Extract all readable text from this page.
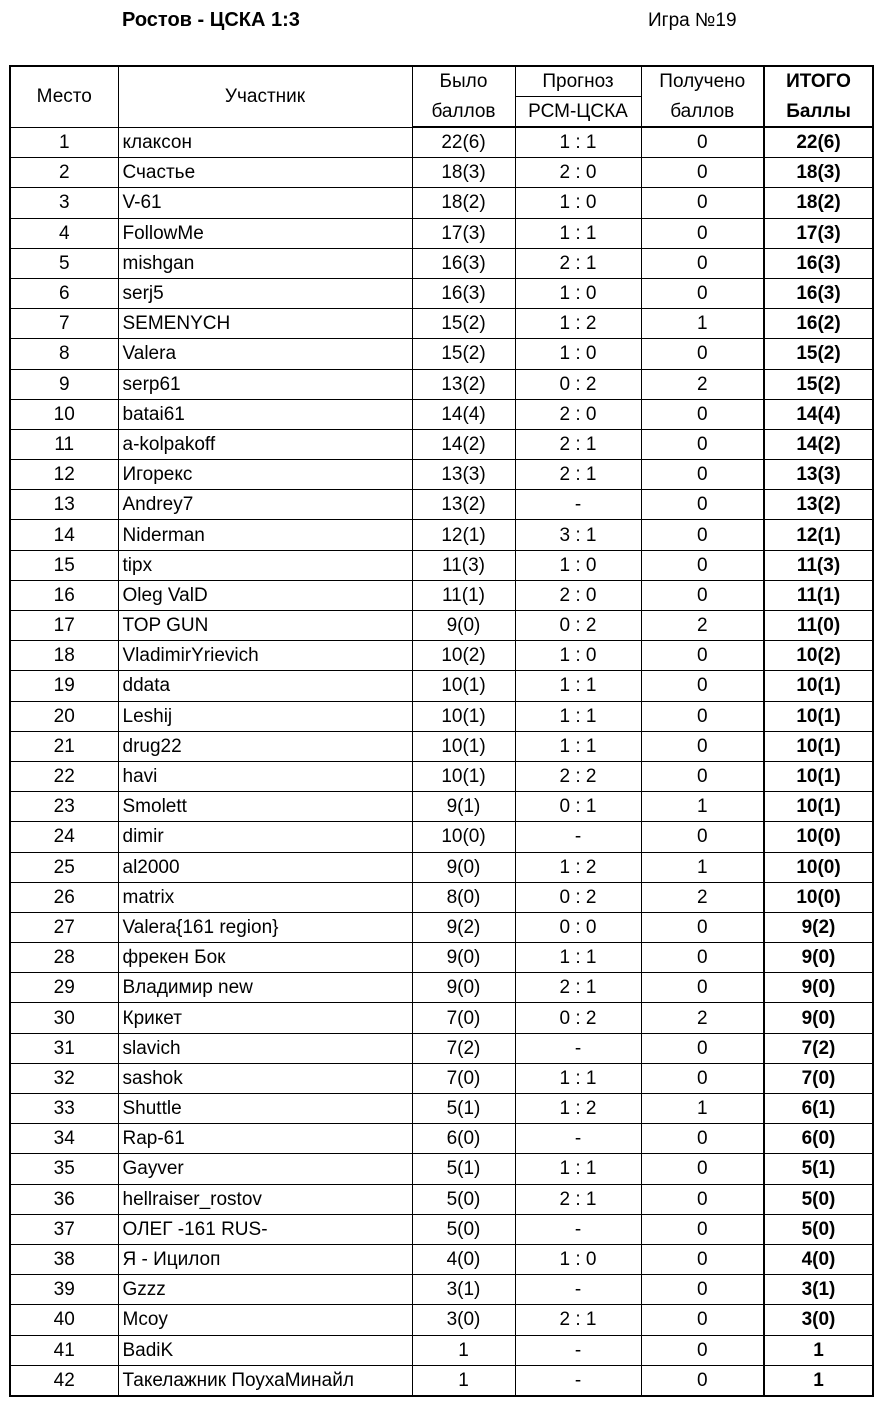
Ростов - ЦСКА 1:3	Игра №19
Место	Участник	Было	Прогноз	Получено	ИТОГО
		баллов	РСМ-ЦСКА	баллов	Баллы
1	клаксон	22(6)	1 : 1	0	22(6)
2	Счастье	18(3)	2 : 0	0	18(3)
3	V-61	18(2)	1 : 0	0	18(2)
4	FollowMe	17(3)	1 : 1	0	17(3)
5	mishgan	16(3)	2 : 1	0	16(3)
6	serj5	16(3)	1 : 0	0	16(3)
7	SEMENYCH	15(2)	1 : 2	1	16(2)
8	Valera	15(2)	1 : 0	0	15(2)
9	serp61	13(2)	0 : 2	2	15(2)
10	batai61	14(4)	2 : 0	0	14(4)
11	a-kolpakoff	14(2)	2 : 1	0	14(2)
12	Игорекс	13(3)	2 : 1	0	13(3)
13	Andrey7	13(2)	-	0	13(2)
14	Niderman	12(1)	3 : 1	0	12(1)
15	tipx	11(3)	1 : 0	0	11(3)
16	Oleg ValD	11(1)	2 : 0	0	11(1)
17	TOP GUN	9(0)	0 : 2	2	11(0)
18	VladimirYrievich	10(2)	1 : 0	0	10(2)
19	ddata	10(1)	1 : 1	0	10(1)
20	Leshij	10(1)	1 : 1	0	10(1)
21	drug22	10(1)	1 : 1	0	10(1)
22	havi	10(1)	2 : 2	0	10(1)
23	Smolett	9(1)	0 : 1	1	10(1)
24	dimir	10(0)	-	0	10(0)
25	al2000	9(0)	1 : 2	1	10(0)
26	matrix	8(0)	0 : 2	2	10(0)
27	Valera{161 region}	9(2)	0 : 0	0	9(2)
28	фрекен Бок	9(0)	1 : 1	0	9(0)
29	Владимир new	9(0)	2 : 1	0	9(0)
30	Крикет	7(0)	0 : 2	2	9(0)
31	slavich	7(2)	-	0	7(2)
32	sashok	7(0)	1 : 1	0	7(0)
33	Shuttle	5(1)	1 : 2	1	6(1)
34	Rap-61	6(0)	-	0	6(0)
35	Gayver	5(1)	1 : 1	0	5(1)
36	hellraiser_rostov	5(0)	2 : 1	0	5(0)
37	ОЛЕГ -161 RUS-	5(0)	-	0	5(0)
38	Я - Ицилоп	4(0)	1 : 0	0	4(0)
39	Gzzz	3(1)	-	0	3(1)
40	Mcoy	3(0)	2 : 1	0	3(0)
41	BadiK	1	-	0	1
42	Такелажник ПоухаМинайл	1	-	0	1
